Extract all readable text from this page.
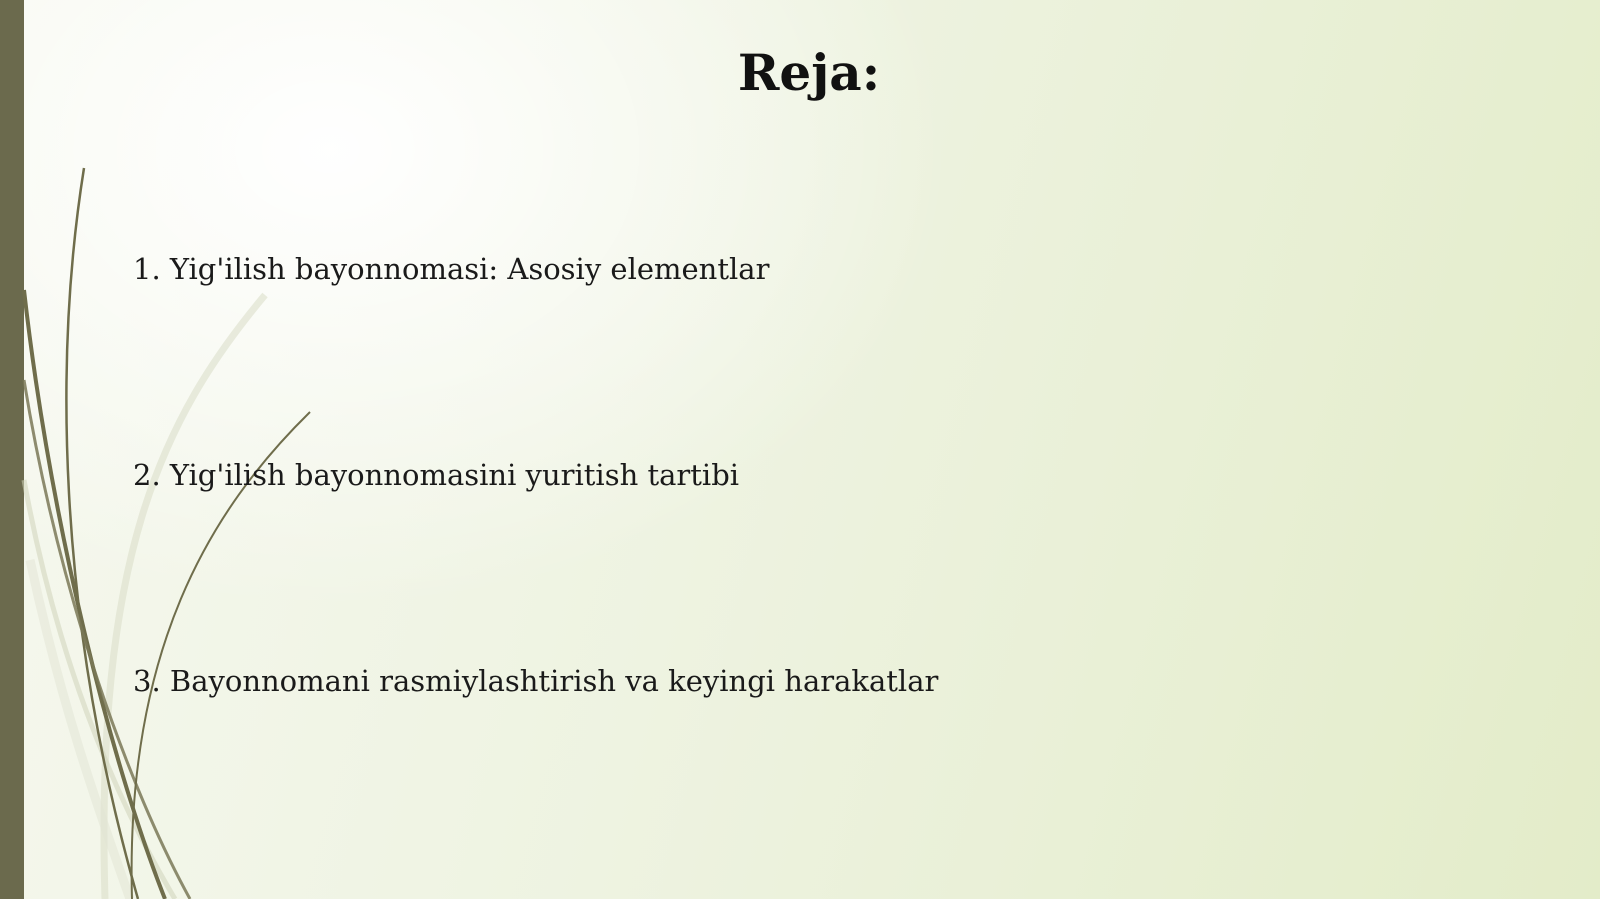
Reja:

1. Yig'ilish bayonnomasi: Asosiy elementlar

2. Yig'ilish bayonnomasini yuritish tartibi

3. Bayonnomani rasmiylashtirish va keyingi harakatlar
